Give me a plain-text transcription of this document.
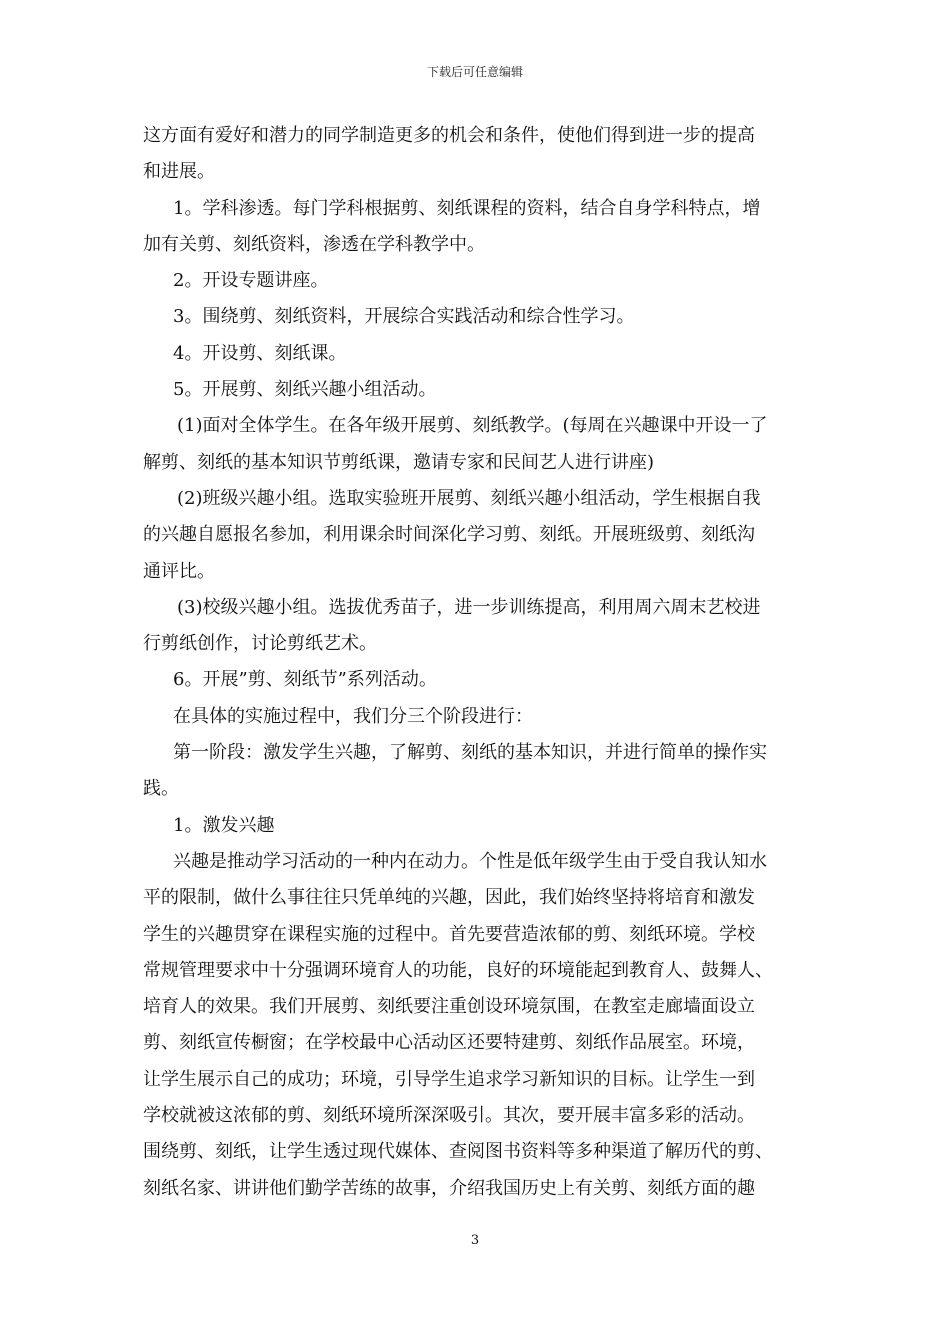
下载后可任意编辑

这方面有爱好和潜力的同学制造更多的机会和条件，使他们得到进一步的提高

和进展。

1。学科渗透。每门学科根据剪、刻纸课程的资料，结合自身学科特点，增

加有关剪、刻纸资料，渗透在学科教学中。

2。开设专题讲座。

3。围绕剪、刻纸资料，开展综合实践活动和综合性学习。

4。开设剪、刻纸课。

5。开展剪、刻纸兴趣小组活动。

(1)面对全体学生。在各年级开展剪、刻纸教学。(每周在兴趣课中开设一了

解剪、刻纸的基本知识节剪纸课，邀请专家和民间艺人进行讲座)

(2)班级兴趣小组。选取实验班开展剪、刻纸兴趣小组活动，学生根据自我

的兴趣自愿报名参加，利用课余时间深化学习剪、刻纸。开展班级剪、刻纸沟

通评比。

(3)校级兴趣小组。选拔优秀苗子，进一步训练提高，利用周六周末艺校进

行剪纸创作，讨论剪纸艺术。

6。开展”剪、刻纸节”系列活动。

在具体的实施过程中，我们分三个阶段进行：

第一阶段：激发学生兴趣，了解剪、刻纸的基本知识，并进行简单的操作实

践。

1。激发兴趣

兴趣是推动学习活动的一种内在动力。个性是低年级学生由于受自我认知水

平的限制，做什么事往往只凭单纯的兴趣，因此，我们始终坚持将培育和激发

学生的兴趣贯穿在课程实施的过程中。首先要营造浓郁的剪、刻纸环境。学校

常规管理要求中十分强调环境育人的功能，良好的环境能起到教育人、鼓舞人、

培育人的效果。我们开展剪、刻纸要注重创设环境氛围，在教室走廊墙面设立

剪、刻纸宣传橱窗；在学校最中心活动区还要特建剪、刻纸作品展室。环境，

让学生展示自己的成功；环境，引导学生追求学习新知识的目标。让学生一到

学校就被这浓郁的剪、刻纸环境所深深吸引。其次，要开展丰富多彩的活动。

围绕剪、刻纸，让学生透过现代媒体、查阅图书资料等多种渠道了解历代的剪、

刻纸名家、讲讲他们勤学苦练的故事，介绍我国历史上有关剪、刻纸方面的趣

3
